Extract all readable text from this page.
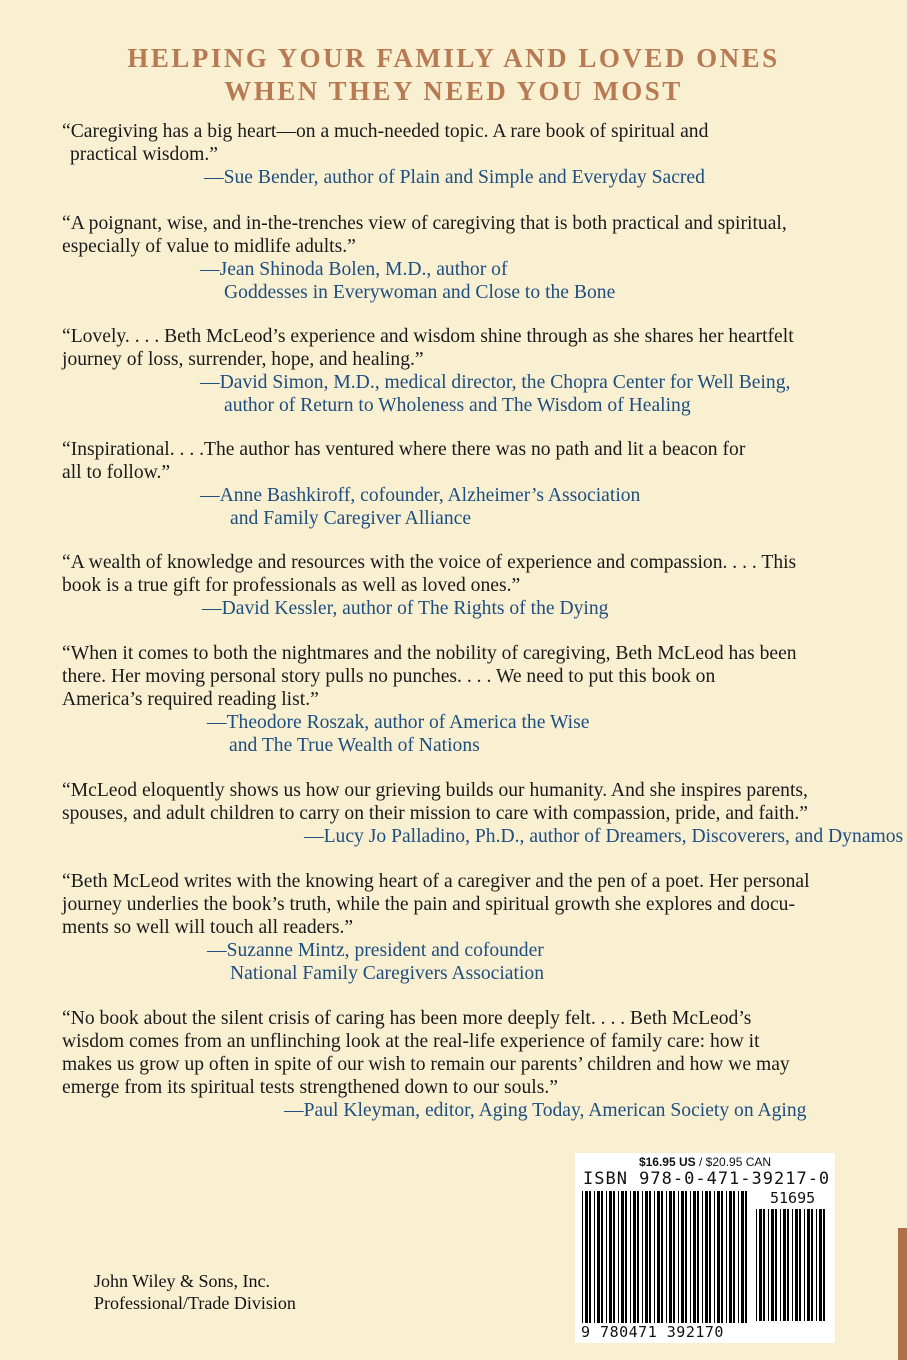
HELPING YOUR FAMILY AND LOVED ONES
WHEN THEY NEED YOU MOST
“Caregiving has a big heart—on a much-needed topic. A rare book of spiritual and
practical wisdom.”
—Sue Bender, author of Plain and Simple and Everyday Sacred
“A poignant, wise, and in-the-trenches view of caregiving that is both practical and spiritual,
especially of value to midlife adults.”
—Jean Shinoda Bolen, M.D., author of
Goddesses in Everywoman and Close to the Bone
“Lovely. . . . Beth McLeod’s experience and wisdom shine through as she shares her heartfelt
journey of loss, surrender, hope, and healing.”
—David Simon, M.D., medical director, the Chopra Center for Well Being,
author of Return to Wholeness and The Wisdom of Healing
“Inspirational. . . .The author has ventured where there was no path and lit a beacon for
all to follow.”
—Anne Bashkiroff, cofounder, Alzheimer’s Association
and Family Caregiver Alliance
“A wealth of knowledge and resources with the voice of experience and compassion. . . . This
book is a true gift for professionals as well as loved ones.”
—David Kessler, author of The Rights of the Dying
“When it comes to both the nightmares and the nobility of caregiving, Beth McLeod has been
there. Her moving personal story pulls no punches. . . . We need to put this book on
America’s required reading list.”
—Theodore Roszak, author of America the Wise
and The True Wealth of Nations
“McLeod eloquently shows us how our grieving builds our humanity. And she inspires parents,
spouses, and adult children to carry on their mission to care with compassion, pride, and faith.”
—Lucy Jo Palladino, Ph.D., author of Dreamers, Discoverers, and Dynamos
“Beth McLeod writes with the knowing heart of a caregiver and the pen of a poet. Her personal
journey underlies the book’s truth, while the pain and spiritual growth she explores and docu-
ments so well will touch all readers.”
—Suzanne Mintz, president and cofounder
National Family Caregivers Association
“No book about the silent crisis of caring has been more deeply felt. . . . Beth McLeod’s
wisdom comes from an unflinching look at the real-life experience of family care: how it
makes us grow up often in spite of our wish to remain our parents’ children and how we may
emerge from its spiritual tests strengthened down to our souls.”
—Paul Kleyman, editor, Aging Today, American Society on Aging
$16.95 US / $20.95 CAN
ISBN 978-0-471-39217-0
51695
9 780471 392170
John Wiley & Sons, Inc.
Professional/Trade Division
